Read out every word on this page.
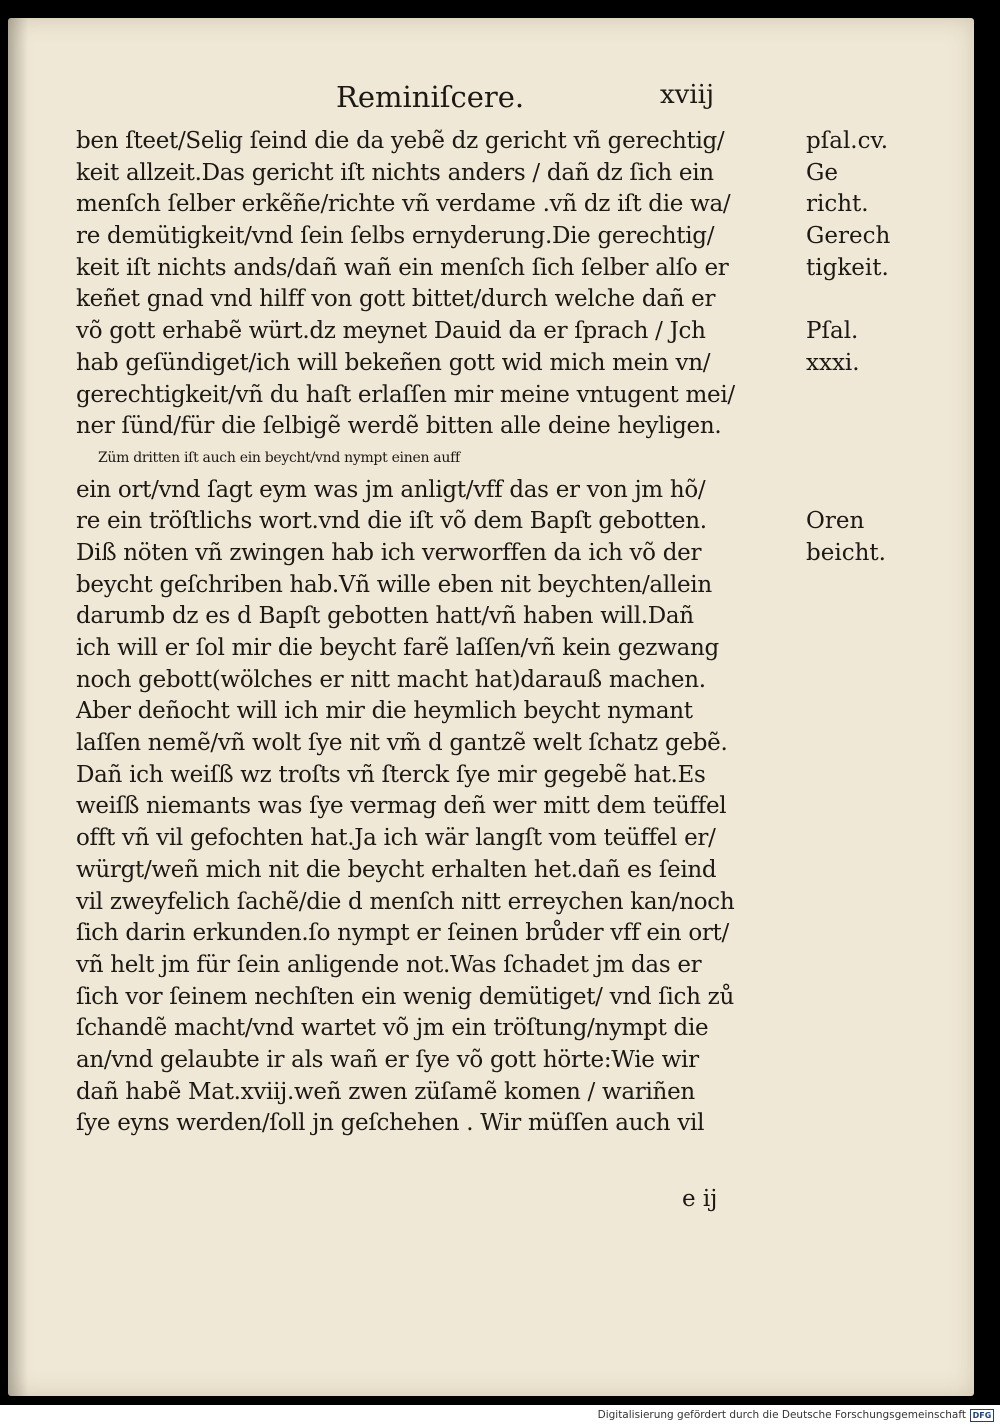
Reminiſcere.	xviij
ben ſteet/Selig ſeind die da yebẽ dz gericht vñ gerechtig/
keit allzeit.Das gericht iſt nichts anders / dañ dz ſich ein
menſch ſelber erkẽñe/richte vñ verdame .vñ dz iſt die wa/
re demütigkeit/vnd ſein ſelbs ernyderung.Die gerechtig/
keit iſt nichts ands/dañ wañ ein menſch ſich ſelber alſo er
keñet gnad vnd hilff von gott bittet/durch welche dañ er
võ gott erhabẽ würt.dz meynet Dauid da er ſprach / Jch
hab geſündiget/ich will bekeñen gott wid mich mein vn/
gerechtigkeit/vñ du haſt erlaſſen mir meine vntugent mei/
ner ſünd/für die ſelbigẽ werdẽ bitten alle deine heyligen.
Züm dritten iſt auch ein beycht/vnd nympt einen auff
ein ort/vnd ſagt eym was jm anligt/vff das er von jm hõ/
re ein tröſtlichs wort.vnd die iſt võ dem Bapſt gebotten.
Diß nöten vñ zwingen hab ich verworffen da ich võ der
beycht geſchriben hab.Vñ wille eben nit beychten/allein
darumb dz es d Bapſt gebotten hatt/vñ haben will.Dañ
ich will er ſol mir die beycht farẽ laſſen/vñ kein gezwang
noch gebott(wölches er nitt macht hat)darauß machen.
Aber deñocht will ich mir die heymlich beycht nymant
laſſen nemẽ/vñ wolt ſye nit vm̃ d gantzẽ welt ſchatz gebẽ.
Dañ ich weiſß wz troſts vñ ſterck ſye mir gegebẽ hat.Es
weiſß niemants was ſye vermag deñ wer mitt dem teüffel
offt vñ vil gefochten hat.Ja ich wär langſt vom teüffel er/
würgt/weñ mich nit die beycht erhalten het.dañ es ſeind
vil zweyfelich ſachẽ/die d menſch nitt erreychen kan/noch
ſich darin erkunden.ſo nympt er ſeinen brůder vff ein ort/
vñ helt jm für ſein anligende not.Was ſchadet jm das er
ſich vor ſeinem nechſten ein wenig demütiget/ vnd ſich zů
ſchandẽ macht/vnd wartet võ jm ein tröſtung/nympt die
an/vnd gelaubte ir als wañ er ſye võ gott hörte:Wie wir
dañ habẽ Mat.xviij.weñ zwen züſamẽ komen / wariñen
ſye eyns werden/ſoll jn geſchehen . Wir müſſen auch vil
pſal.cv.
Ge
richt.
Gerech
tigkeit.
Pſal.
xxxi.
Oren
beicht.
e ij
Digitalisierung gefördert durch die Deutsche Forschungsgemeinschaft DFG
